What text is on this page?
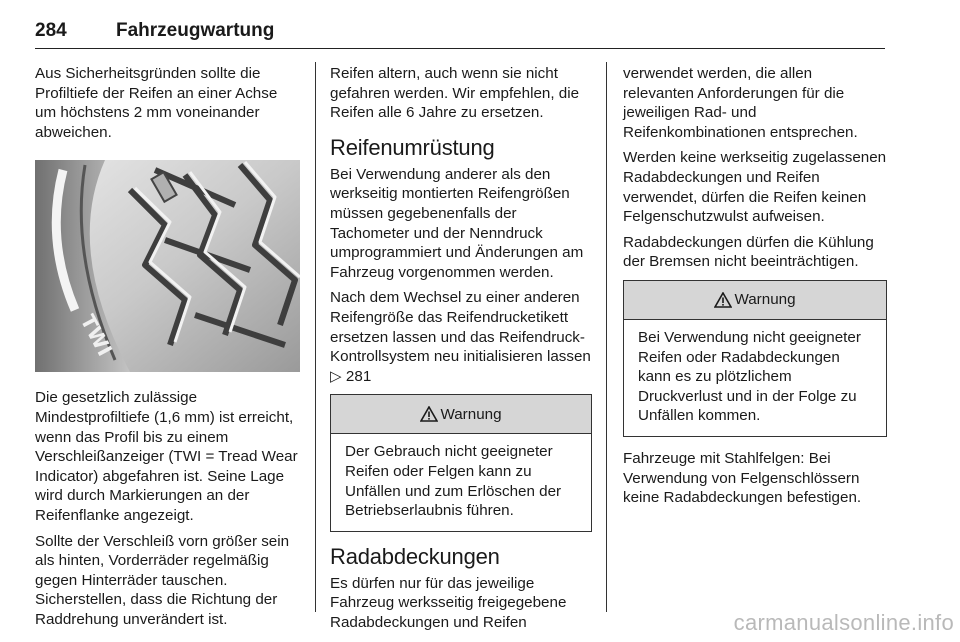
284	Fahrzeugwartung

Aus Sicherheitsgründen sollte die Profiltiefe der Reifen an einer Achse um höchstens 2 mm voneinander abweichen.

TWI

Die gesetzlich zulässige Mindestprofiltiefe (1,6 mm) ist erreicht, wenn das Profil bis zu einem Verschleißanzeiger (TWI = Tread Wear Indicator) abgefahren ist. Seine Lage wird durch Markierungen an der Reifenflanke angezeigt.

Sollte der Verschleiß vorn größer sein als hinten, Vorderräder regelmäßig gegen Hinterräder tauschen. Sicherstellen, dass die Richtung der Raddrehung unverändert ist.

Reifen altern, auch wenn sie nicht gefahren werden. Wir empfehlen, die Reifen alle 6 Jahre zu ersetzen.

Reifenumrüstung

Bei Verwendung anderer als den werkseitig montierten Reifengrößen müssen gegebenenfalls der Tachometer und der Nenndruck umprogrammiert und Änderungen am Fahrzeug vorgenommen werden.

Nach dem Wechsel zu einer anderen Reifengröße das Reifendrucketikett ersetzen lassen und das Reifendruck-Kontrollsystem neu initialisieren lassen ▷ 281

Warnung
Der Gebrauch nicht geeigneter Reifen oder Felgen kann zu Unfällen und zum Erlöschen der Betriebserlaubnis führen.
Radabdeckungen

Es dürfen nur für das jeweilige Fahrzeug werksseitig freigegebene Radabdeckungen und Reifen

verwendet werden, die allen relevanten Anforderungen für die jeweiligen Rad- und Reifenkombinationen entsprechen.

Werden keine werkseitig zugelassenen Radabdeckungen und Reifen verwendet, dürfen die Reifen keinen Felgenschutzwulst aufweisen.

Radabdeckungen dürfen die Kühlung der Bremsen nicht beeinträchtigen.

Warnung
Bei Verwendung nicht geeigneter Reifen oder Radabdeckungen kann es zu plötzlichem Druckverlust und in der Folge zu Unfällen kommen.

Fahrzeuge mit Stahlfelgen: Bei Verwendung von Felgenschlössern keine Radabdeckungen befestigen.

carmanualsonline.info
